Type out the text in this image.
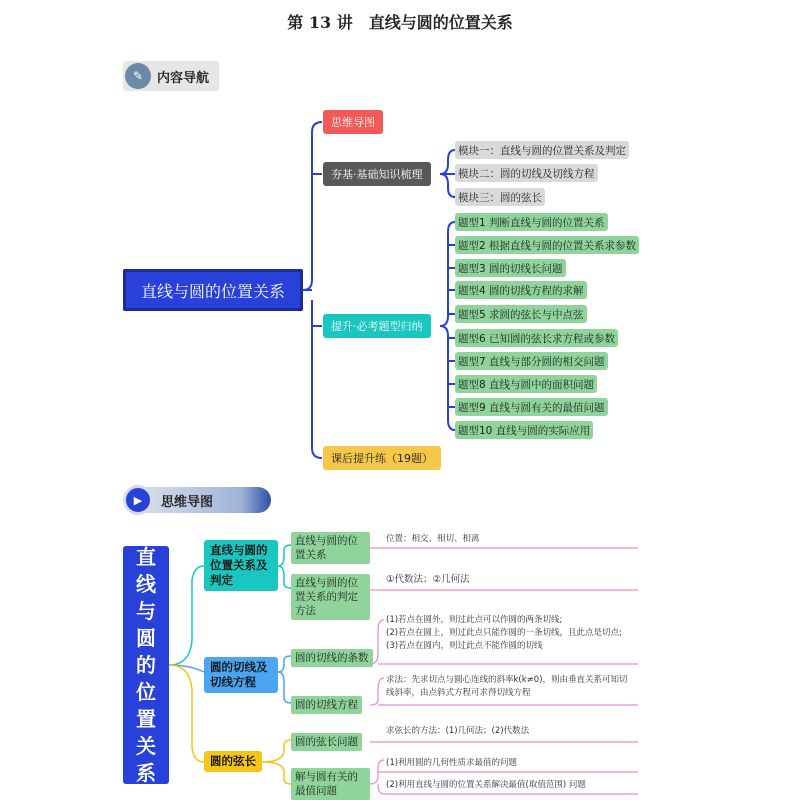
第 13 讲　直线与圆的位置关系
✎	内容导航
直线与圆的位置关系
思维导图
夯基·基础知识梳理
提升·必考题型归纳
课后提升练（19题）
模块一：直线与圆的位置关系及判定
模块二：圆的切线及切线方程
模块三：圆的弦长
题型1 判断直线与圆的位置关系
题型2 根据直线与圆的位置关系求参数
题型3 圆的切线长问题
题型4 圆的切线方程的求解
题型5 求圆的弦长与中点弦
题型6 已知圆的弦长求方程或参数
题型7 直线与部分圆的相交问题
题型8 直线与圆中的面积问题
题型9 直线与圆有关的最值问题
题型10 直线与圆的实际应用
▶	思维导图
直
线
与
圆
的
位
置
关
系
直线与圆的位置关系及判定
直线与圆的位置关系
直线与圆的位置关系的判定方法
位置：相交、相切、相离
①代数法；②几何法
圆的切线及切线方程
圆的切线的条数
圆的切线方程
(1)若点在圆外，则过此点可以作圆的两条切线;
(2)若点在圆上，则过此点只能作圆的一条切线，且此点是切点;
(3)若点在圆内，则过此点不能作圆的切线
求法：先求切点与圆心连线的斜率k(k≠0)，则由垂直关系可知切
线斜率，由点斜式方程可求得切线方程
圆的弦长
圆的弦长问题
解与圆有关的最值问题
求弦长的方法：(1)几何法；(2)代数法
(1)利用圆的几何性质求最值的问题
(2)利用直线与圆的位置关系解决最值(取值范围) 问题
